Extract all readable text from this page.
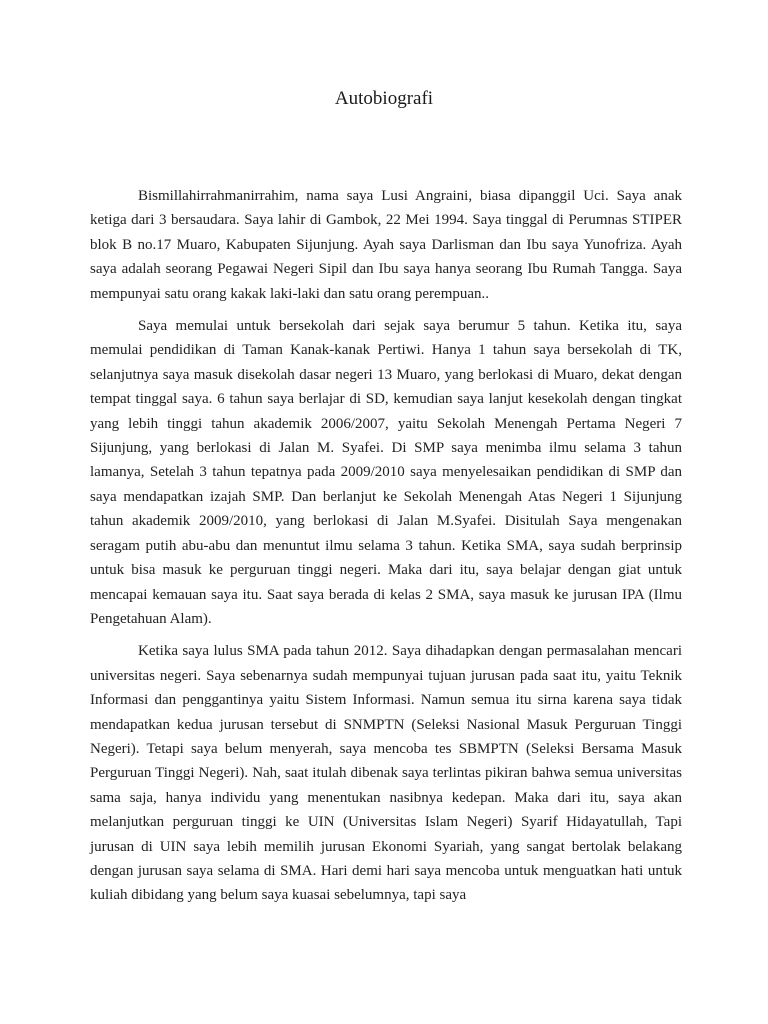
Autobiografi

Bismillahirrahmanirrahim, nama saya Lusi Angraini, biasa dipanggil Uci. Saya anak ketiga dari 3 bersaudara. Saya lahir di Gambok, 22 Mei 1994. Saya tinggal di Perumnas STIPER blok B no.17 Muaro, Kabupaten Sijunjung. Ayah saya Darlisman dan Ibu saya Yunofriza. Ayah saya adalah seorang Pegawai Negeri Sipil dan Ibu saya hanya seorang Ibu Rumah Tangga. Saya mempunyai satu orang kakak laki-laki dan satu orang perempuan..

Saya memulai untuk bersekolah dari sejak saya berumur 5 tahun. Ketika itu, saya memulai pendidikan di Taman Kanak-kanak Pertiwi. Hanya 1 tahun saya bersekolah di TK, selanjutnya saya masuk disekolah dasar negeri 13 Muaro, yang berlokasi di Muaro, dekat dengan tempat tinggal saya. 6 tahun saya berlajar di SD, kemudian saya lanjut kesekolah dengan tingkat yang lebih tinggi tahun akademik 2006/2007, yaitu Sekolah Menengah Pertama Negeri 7 Sijunjung, yang berlokasi di Jalan M. Syafei. Di SMP saya menimba ilmu selama 3 tahun lamanya, Setelah 3 tahun tepatnya pada 2009/2010 saya menyelesaikan pendidikan di SMP dan saya mendapatkan izajah SMP. Dan berlanjut ke Sekolah Menengah Atas Negeri 1 Sijunjung tahun akademik 2009/2010, yang berlokasi di Jalan M.Syafei. Disitulah Saya mengenakan seragam putih abu-abu dan menuntut ilmu selama 3 tahun. Ketika SMA, saya sudah berprinsip untuk bisa masuk ke perguruan tinggi negeri. Maka dari itu, saya belajar dengan giat untuk mencapai kemauan saya itu. Saat saya berada di kelas 2 SMA, saya masuk ke jurusan IPA (Ilmu Pengetahuan Alam).

Ketika saya lulus SMA pada tahun 2012. Saya dihadapkan dengan permasalahan mencari universitas negeri. Saya sebenarnya sudah mempunyai tujuan jurusan pada saat itu, yaitu Teknik Informasi dan penggantinya yaitu Sistem Informasi. Namun semua itu sirna karena saya tidak mendapatkan kedua jurusan tersebut di SNMPTN (Seleksi Nasional Masuk Perguruan Tinggi Negeri). Tetapi saya belum menyerah, saya mencoba tes SBMPTN (Seleksi Bersama Masuk Perguruan Tinggi Negeri). Nah, saat itulah dibenak saya terlintas pikiran bahwa semua universitas sama saja, hanya individu yang menentukan nasibnya kedepan. Maka dari itu, saya akan melanjutkan perguruan tinggi ke UIN (Universitas Islam Negeri) Syarif Hidayatullah, Tapi jurusan di UIN saya lebih memilih jurusan Ekonomi Syariah, yang sangat bertolak belakang dengan jurusan saya selama di SMA. Hari demi hari saya mencoba untuk menguatkan hati untuk kuliah dibidang yang belum saya kuasai sebelumnya, tapi saya
